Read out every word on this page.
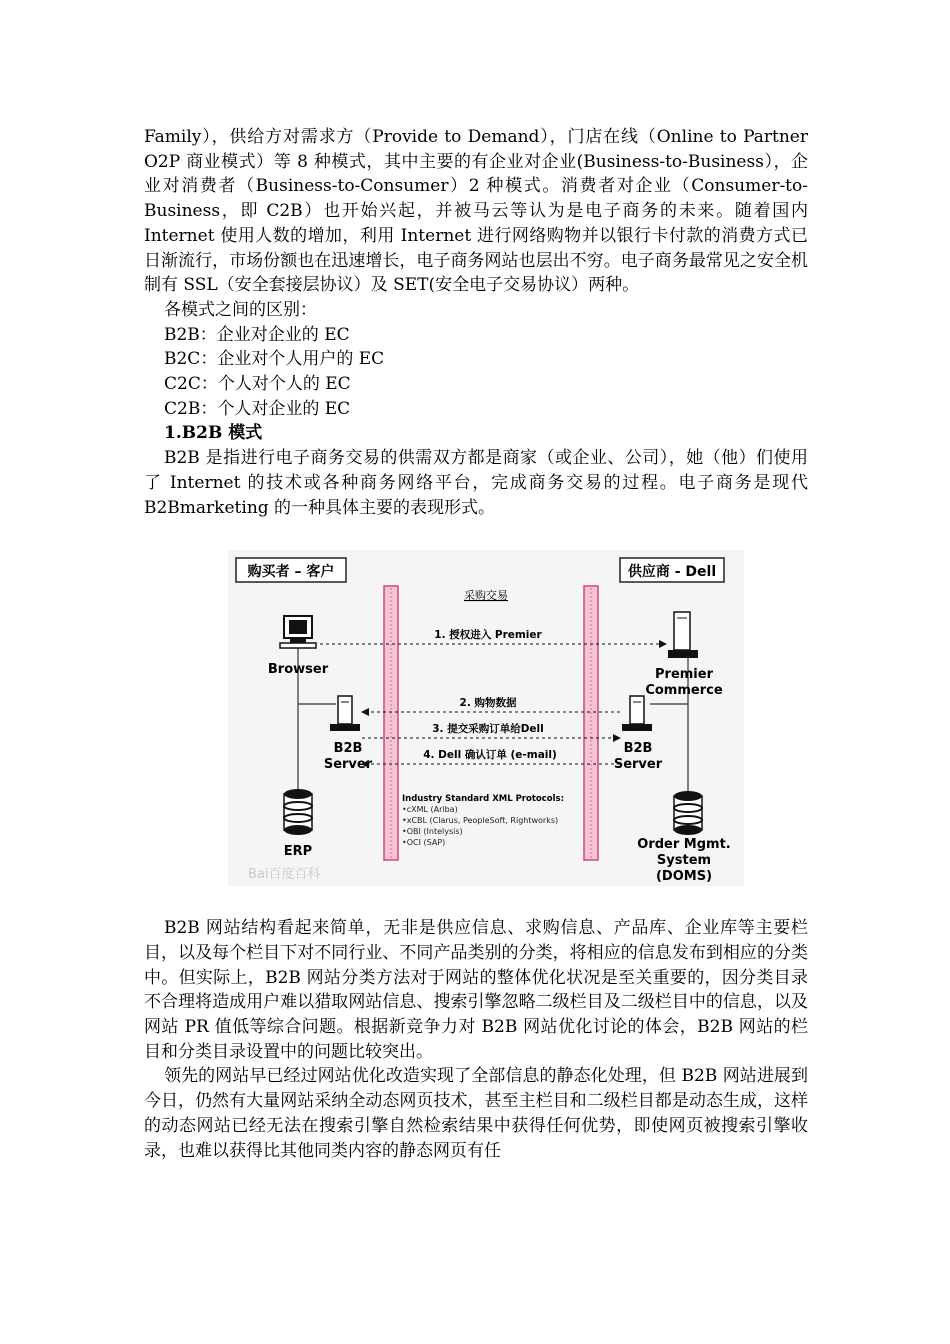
Family），供给方对需求方（Provide to Demand），门店在线（Online to Partner O2P 商业模式）等 8 种模式，其中主要的有企业对企业(Business-to-Business），企业对消费者（Business-to-Consumer）2 种模式。消费者对企业（Consumer-to-Business，即 C2B）也开始兴起，并被马云等认为是电子商务的未来。随着国内 Internet 使用人数的增加，利用 Internet 进行网络购物并以银行卡付款的消费方式已日渐流行，市场份额也在迅速增长，电子商务网站也层出不穷。电子商务最常见之安全机制有 SSL（安全套接层协议）及 SET(安全电子交易协议）两种。

各模式之间的区别：

B2B：企业对企业的 EC

B2C：企业对个人用户的 EC

C2C：个人对个人的 EC

C2B：个人对企业的 EC

1.B2B 模式

B2B 是指进行电子商务交易的供需双方都是商家（或企业、公司），她（他）们使用了 Internet 的技术或各种商务网络平台，完成商务交易的过程。电子商务是现代 B2Bmarketing 的一种具体主要的表现形式。

购买者 – 客户	供应商 - Dell
采购交易
Browser
B2B
Server
ERP
Premier
Commerce
B2B
Server
Order Mgmt.
System
(DOMS)
1. 授权进入 Premier
2. 购物数据
3. 提交采购订单给Dell
4. Dell 确认订单 (e-mail)
Industry Standard XML Protocols:
•cXML (Ariba)
•xCBL (Clarus, PeopleSoft, Rightworks)
•OBI (Intelysis)
•OCI (SAP)
Bai百度百科

B2B 网站结构看起来简单，无非是供应信息、求购信息、产品库、企业库等主要栏目，以及每个栏目下对不同行业、不同产品类别的分类，将相应的信息发布到相应的分类中。但实际上，B2B 网站分类方法对于网站的整体优化状况是至关重要的，因分类目录不合理将造成用户难以猎取网站信息、搜索引擎忽略二级栏目及二级栏目中的信息，以及网站 PR 值低等综合问题。根据新竞争力对 B2B 网站优化讨论的体会，B2B 网站的栏目和分类目录设置中的问题比较突出。

领先的网站早已经过网站优化改造实现了全部信息的静态化处理，但 B2B 网站进展到今日，仍然有大量网站采纳全动态网页技术，甚至主栏目和二级栏目都是动态生成，这样的动态网站已经无法在搜索引擎自然检索结果中获得任何优势，即使网页被搜索引擎收录，也难以获得比其他同类内容的静态网页有任
